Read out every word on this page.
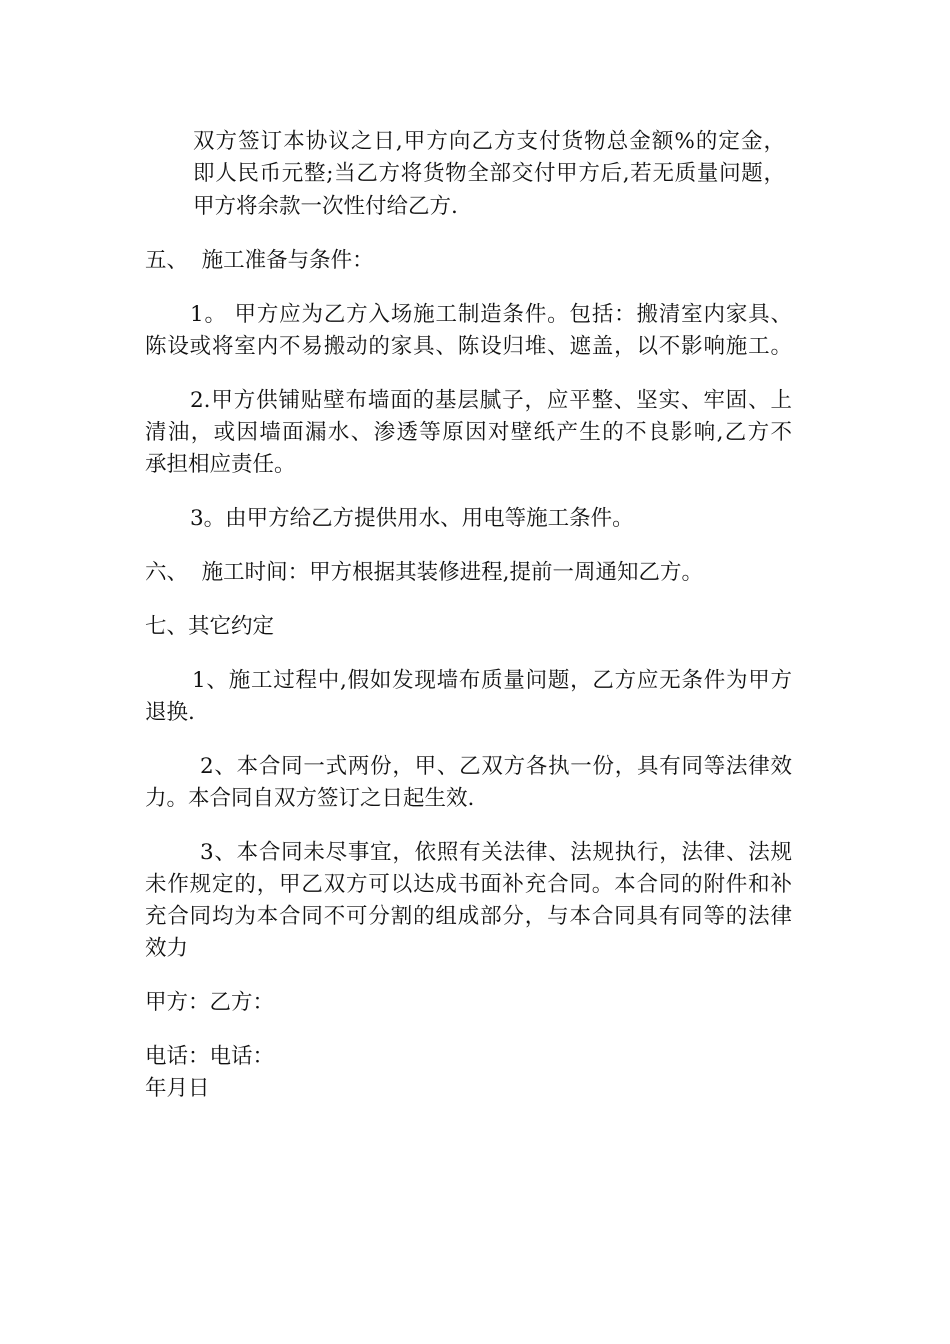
双方签订本协议之日,甲方向乙方支付货物总金额%的定金，
即人民币元整;当乙方将货物全部交付甲方后,若无质量问题，
甲方将余款一次性付给乙方.
五、  施工准备与条件：
1。 甲方应为乙方入场施工制造条件。包括：搬清室内家具、
陈设或将室内不易搬动的家具、陈设归堆、遮盖，以不影响施工。
2.甲方供铺贴壁布墙面的基层腻子，应平整、坚实、牢固、上
清油，或因墙面漏水、渗透等原因对壁纸产生的不良影响,乙方不
承担相应责任。
3。由甲方给乙方提供用水、用电等施工条件。
六、  施工时间：甲方根据其装修进程,提前一周通知乙方。
七、其它约定
1、施工过程中,假如发现墙布质量问题，乙方应无条件为甲方
退换.
2、本合同一式两份，甲、乙双方各执一份，具有同等法律效
力。本合同自双方签订之日起生效.
3、本合同未尽事宜，依照有关法律、法规执行，法律、法规
未作规定的，甲乙双方可以达成书面补充合同。本合同的附件和补
充合同均为本合同不可分割的组成部分，与本合同具有同等的法律
效力
甲方：乙方：
电话：电话：
年月日
